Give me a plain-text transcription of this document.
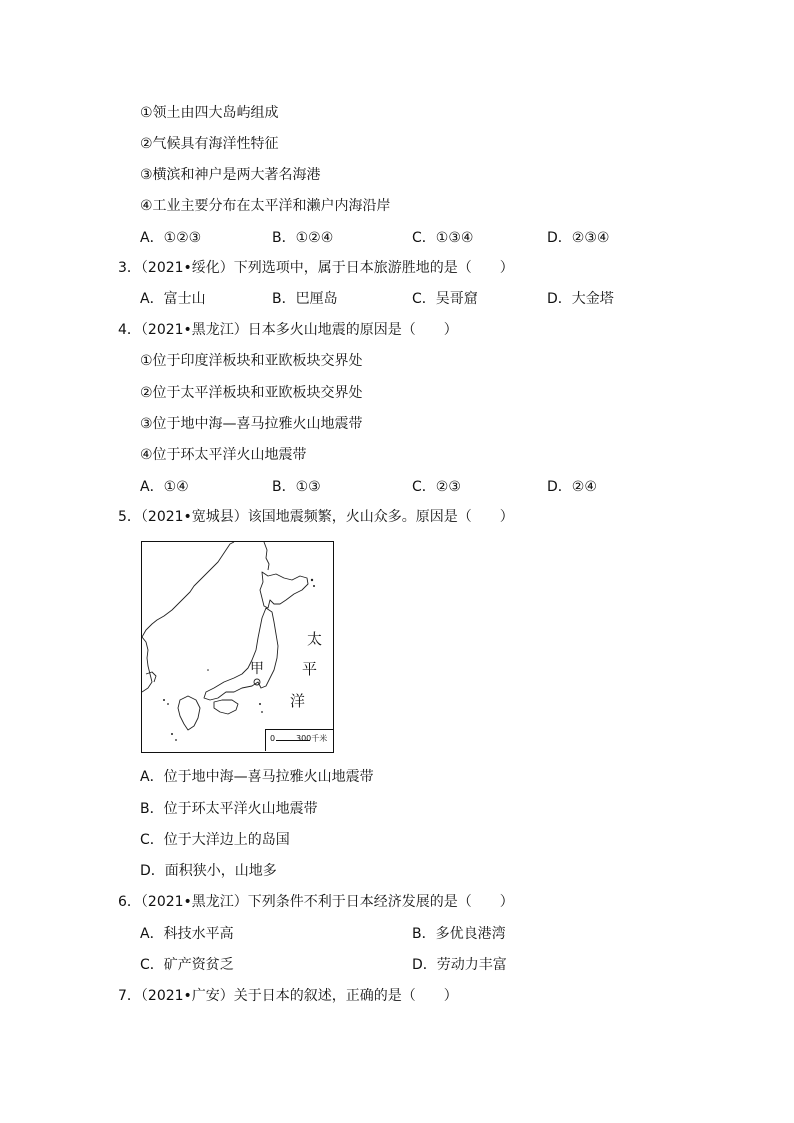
①领土由四大岛屿组成
②气候具有海洋性特征
③横滨和神户是两大著名海港
④工业主要分布在太平洋和濑户内海沿岸
A．①②③	B．①②④	C．①③④	D．②③④
3．（2021•绥化）下列选项中，属于日本旅游胜地的是（　　）
A．富士山	B．巴厘岛	C．吴哥窟	D．大金塔
4．（2021•黑龙江）日本多火山地震的原因是（　　）
①位于印度洋板块和亚欧板块交界处
②位于太平洋板块和亚欧板块交界处
③位于地中海—喜马拉雅火山地震带
④位于环太平洋火山地震带
A．①④	B．①③	C．②③	D．②④
5．（2021•宽城县）该国地震频繁，火山众多。原因是（　　）
太
平
洋
甲
0	300千米
A．位于地中海—喜马拉雅火山地震带
B．位于环太平洋火山地震带
C．位于大洋边上的岛国
D．面积狭小，山地多
6．（2021•黑龙江）下列条件不利于日本经济发展的是（　　）
A．科技水平高	B．多优良港湾
C．矿产资贫乏	D．劳动力丰富
7．（2021•广安）关于日本的叙述，正确的是（　　）
